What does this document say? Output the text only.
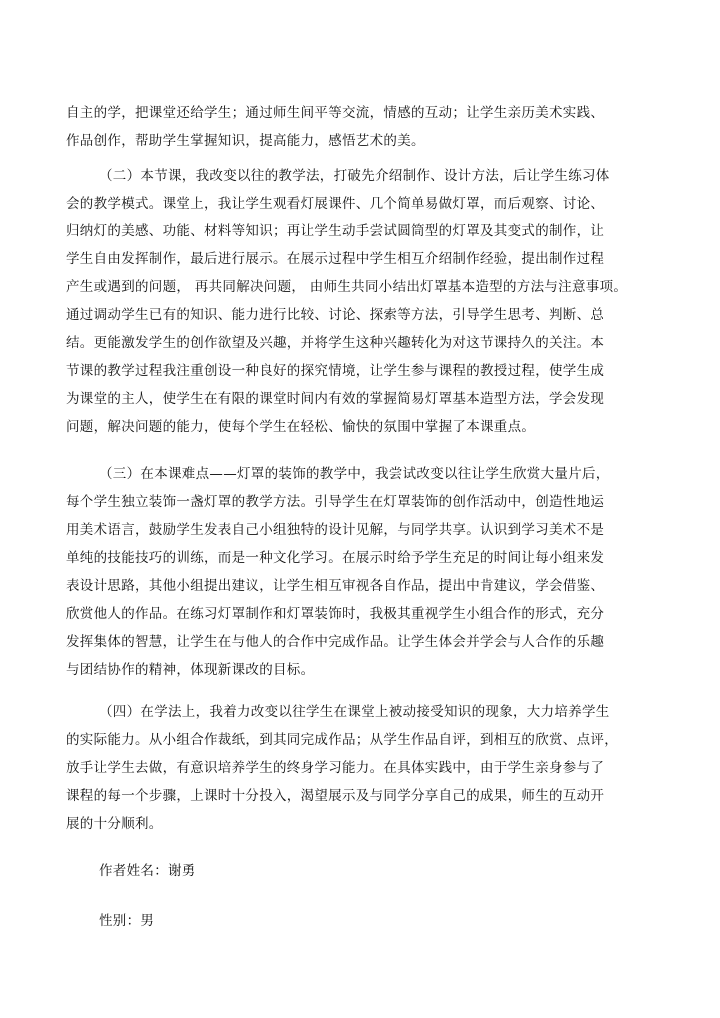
自主的学，把课堂还给学生；通过师生间平等交流，情感的互动；让学生亲历美术实践、
作品创作，帮助学生掌握知识，提高能力，感悟艺术的美。
（二）本节课，我改变以往的教学法，打破先介绍制作、设计方法，后让学生练习体
会的教学模式。课堂上，我让学生观看灯展课件、几个简单易做灯罩，而后观察、讨论、
归纳灯的美感、功能、材料等知识；再让学生动手尝试圆筒型的灯罩及其变式的制作，让
学生自由发挥制作，最后进行展示。在展示过程中学生相互介绍制作经验，提出制作过程
产生或遇到的问题， 再共同解决问题， 由师生共同小结出灯罩基本造型的方法与注意事项。
通过调动学生已有的知识、能力进行比较、讨论、探索等方法，引导学生思考、判断、总
结。更能激发学生的创作欲望及兴趣，并将学生这种兴趣转化为对这节课持久的关注。本
节课的教学过程我注重创设一种良好的探究情境，让学生参与课程的教授过程，使学生成
为课堂的主人，使学生在有限的课堂时间内有效的掌握简易灯罩基本造型方法，学会发现
问题，解决问题的能力，使每个学生在轻松、愉快的氛围中掌握了本课重点。
（三）在本课难点——灯罩的装饰的教学中，我尝试改变以往让学生欣赏大量片后，
每个学生独立装饰一盏灯罩的教学方法。引导学生在灯罩装饰的创作活动中，创造性地运
用美术语言，鼓励学生发表自己小组独特的设计见解，与同学共享。认识到学习美术不是
单纯的技能技巧的训练，而是一种文化学习。在展示时给予学生充足的时间让每小组来发
表设计思路，其他小组提出建议，让学生相互审视各自作品，提出中肯建议，学会借鉴、
欣赏他人的作品。在练习灯罩制作和灯罩装饰时，我极其重视学生小组合作的形式，充分
发挥集体的智慧，让学生在与他人的合作中完成作品。让学生体会并学会与人合作的乐趣
与团结协作的精神，体现新课改的目标。
（四）在学法上，我着力改变以往学生在课堂上被动接受知识的现象，大力培养学生
的实际能力。从小组合作裁纸，到其同完成作品；从学生作品自评，到相互的欣赏、点评，
放手让学生去做，有意识培养学生的终身学习能力。在具体实践中，由于学生亲身参与了
课程的每一个步骤，上课时十分投入，渴望展示及与同学分享自己的成果，师生的互动开
展的十分顺利。
作者姓名：谢勇
性别：男
